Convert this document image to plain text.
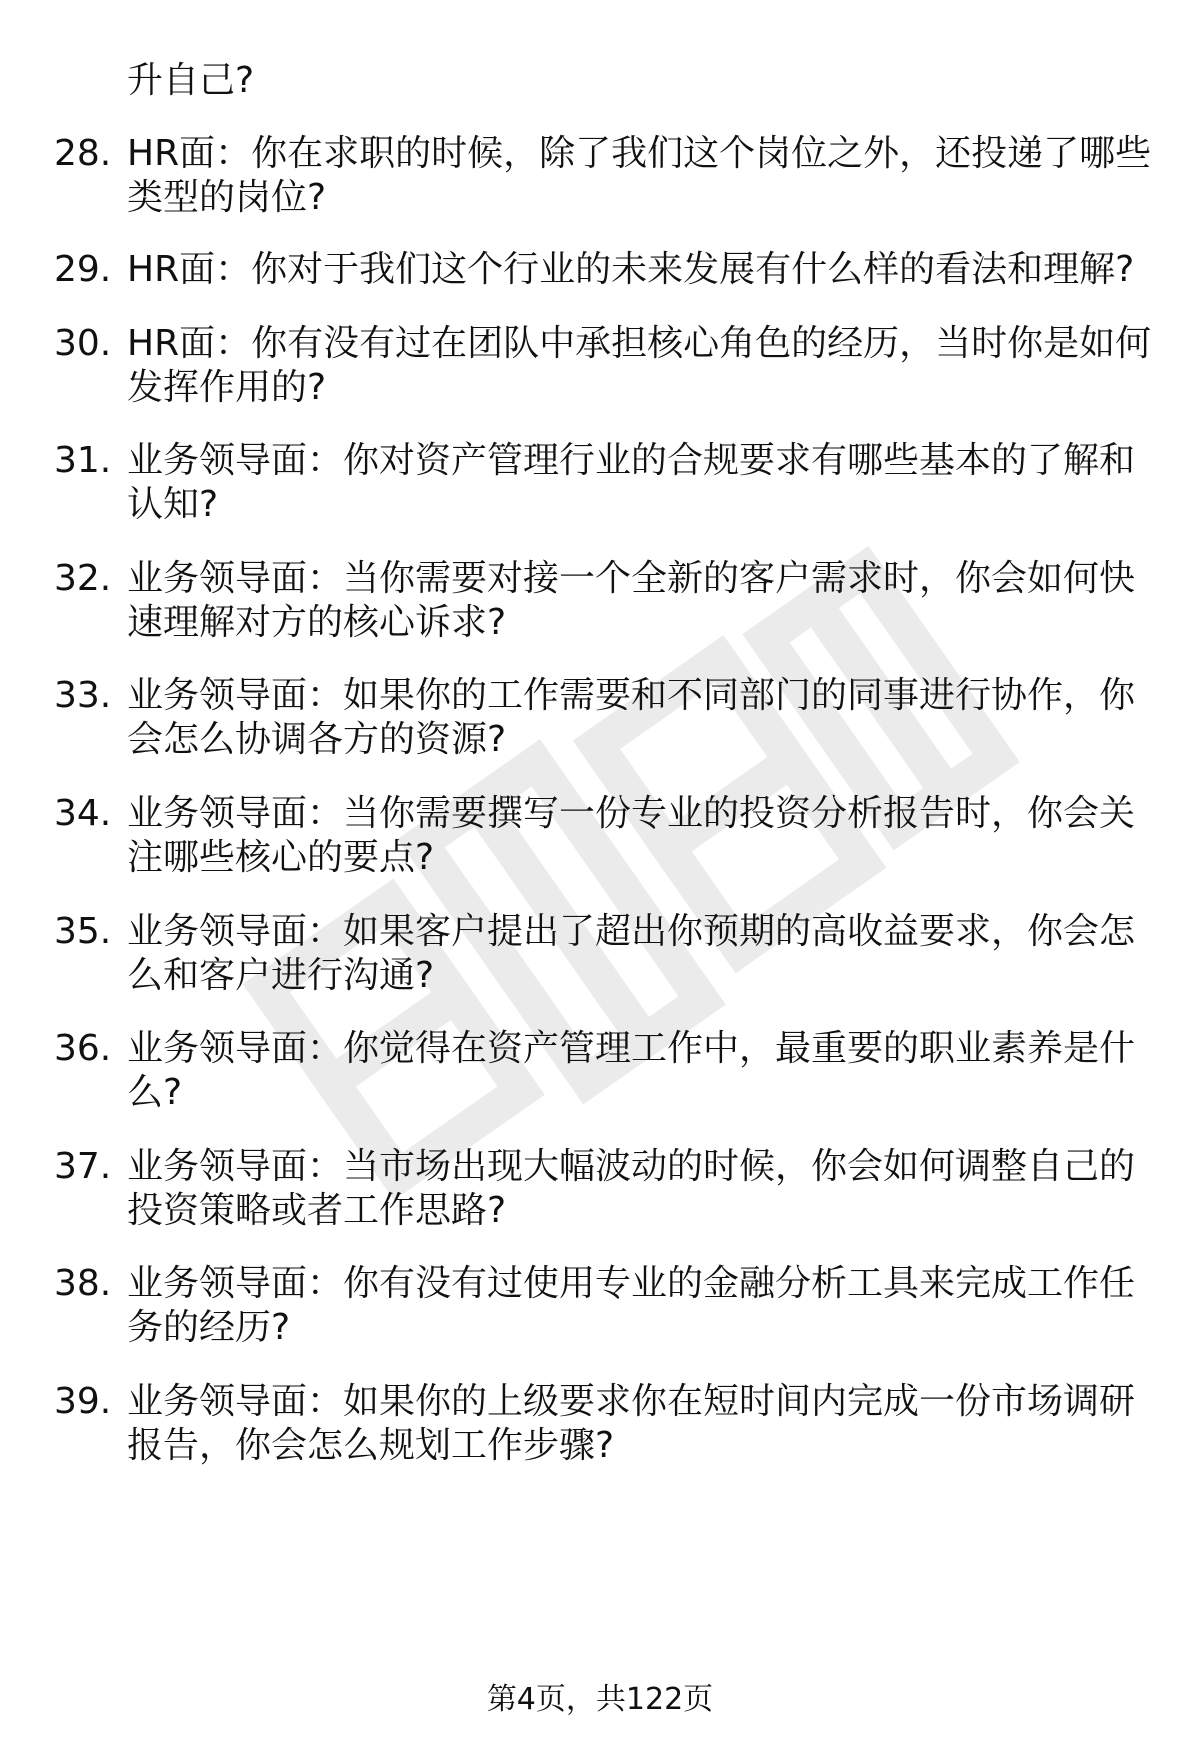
升自己?
28. HR面：你在求职的时候，除了我们这个岗位之外，还投递了哪些
类型的岗位?
29. HR面：你对于我们这个行业的未来发展有什么样的看法和理解?
30. HR面：你有没有过在团队中承担核心角色的经历，当时你是如何
发挥作用的?
31. 业务领导面：你对资产管理行业的合规要求有哪些基本的了解和
认知?
32. 业务领导面：当你需要对接一个全新的客户需求时，你会如何快
速理解对方的核心诉求?
33. 业务领导面：如果你的工作需要和不同部门的同事进行协作，你
会怎么协调各方的资源?
34. 业务领导面：当你需要撰写一份专业的投资分析报告时，你会关
注哪些核心的要点?
35. 业务领导面：如果客户提出了超出你预期的高收益要求，你会怎
么和客户进行沟通?
36. 业务领导面：你觉得在资产管理工作中，最重要的职业素养是什
么?
37. 业务领导面：当市场出现大幅波动的时候，你会如何调整自己的
投资策略或者工作思路?
38. 业务领导面：你有没有过使用专业的金融分析工具来完成工作任
务的经历?
39. 业务领导面：如果你的上级要求你在短时间内完成一份市场调研
报告，你会怎么规划工作步骤?
第4页，共122页
